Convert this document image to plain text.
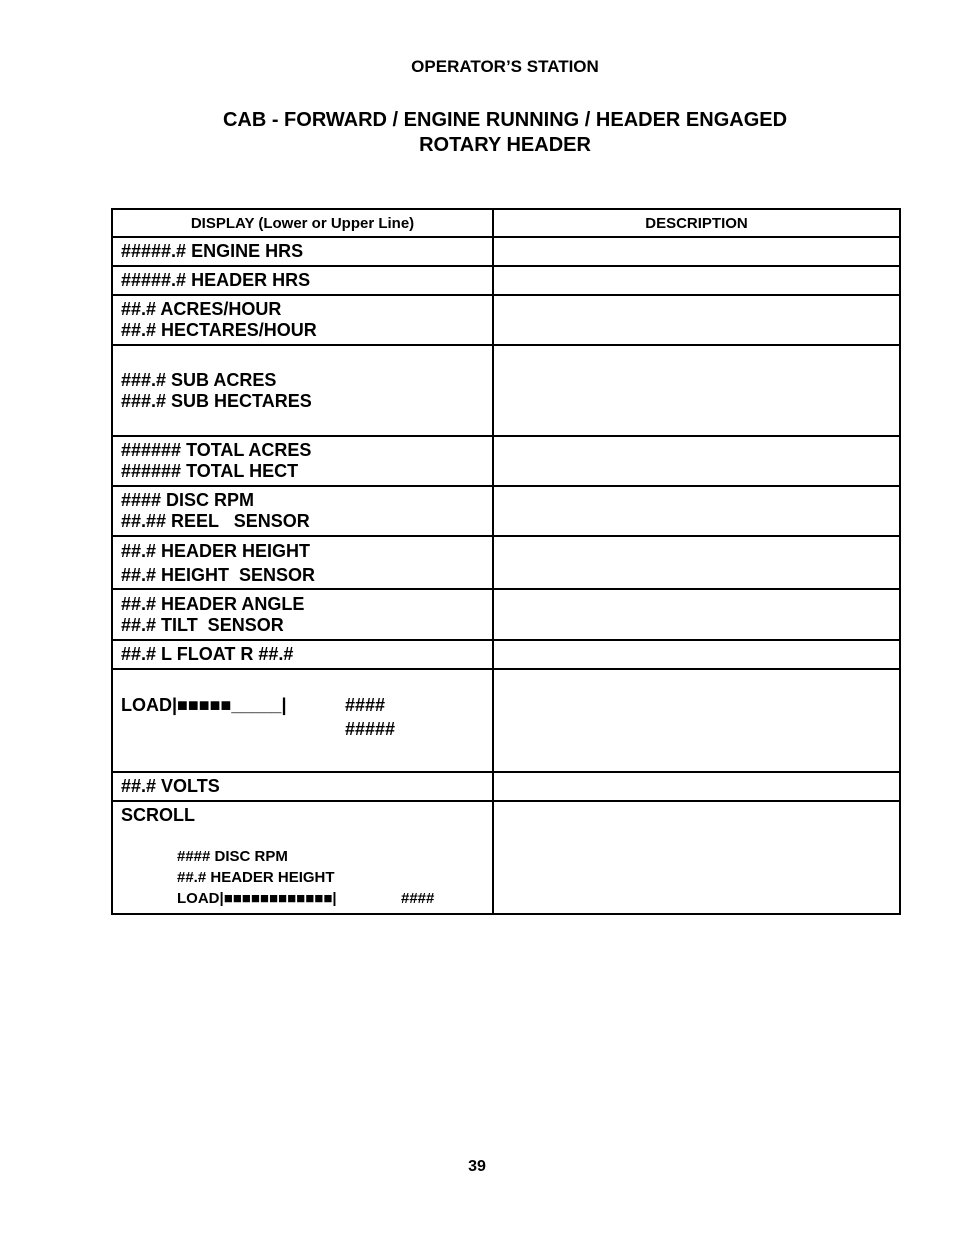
OPERATOR’S STATION
CAB - FORWARD / ENGINE RUNNING / HEADER ENGAGED
ROTARY HEADER
DISPLAY (Lower or Upper Line)	DESCRIPTION

#####.# ENGINE HRS	

#####.# HEADER HRS	

##.# ACRES/HOUR
##.# HECTARES/HOUR	

###.# SUB ACRES
###.# SUB HECTARES	

###### TOTAL ACRES
###### TOTAL HECT	

#### DISC RPM
##.## REEL   SENSOR	

##.# HEADER HEIGHT
##.# HEIGHT  SENSOR	

##.# HEADER ANGLE
##.# TILT  SENSOR	

##.# L FLOAT R ##.#	

LOAD|■■■■■_____| ####
#####	

##.# VOLTS	

SCROLL
#### DISC RPM
##.# HEADER HEIGHT
LOAD|■■■■■■■■■■■■| ####	

39
